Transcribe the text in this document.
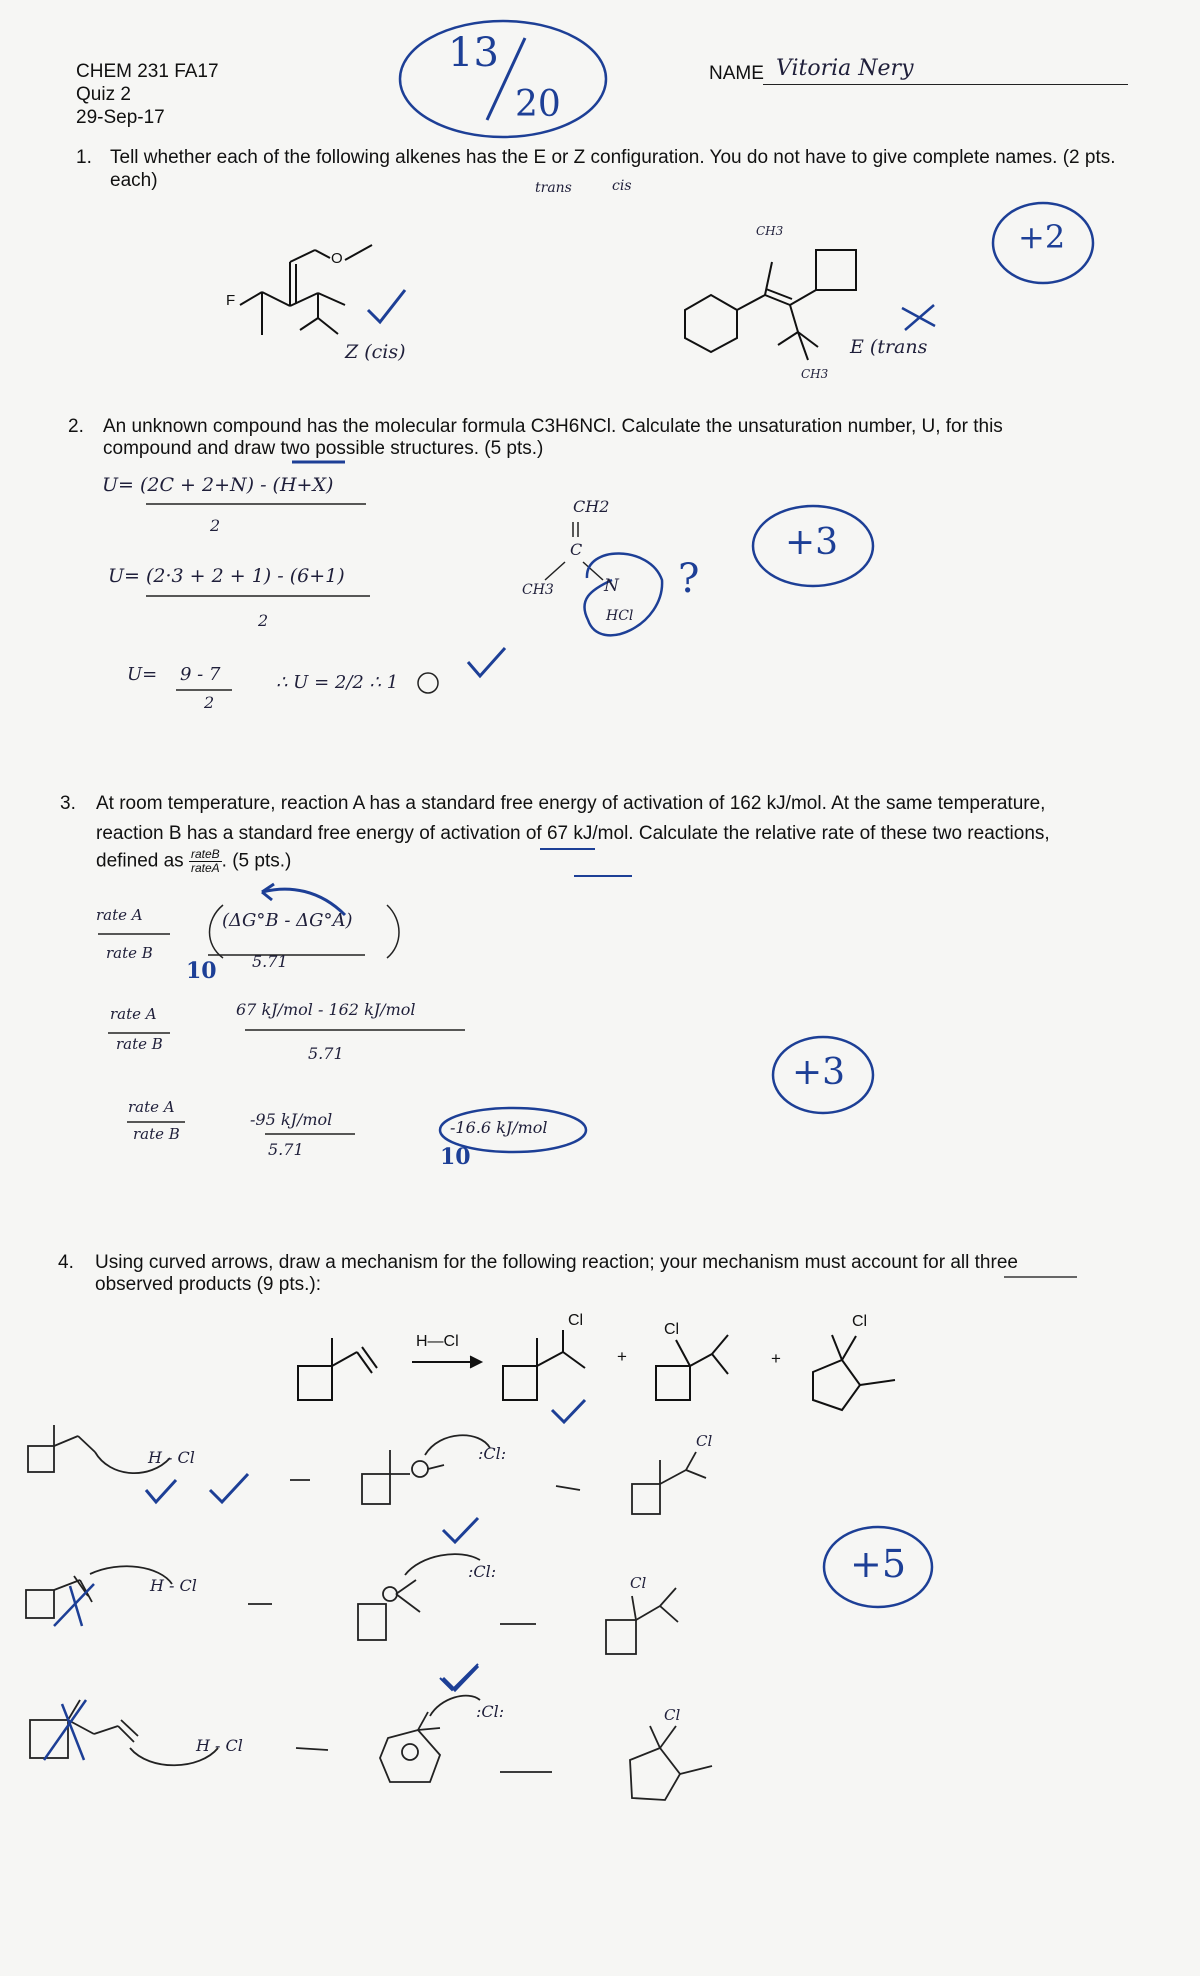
CHEM 231 FA17
Quiz 2
29-Sep-17
NAME Vitoria Nery
13
20
1. Tell whether each of the following alkenes has the E or Z configuration. You do not have to give complete names. (2 pts. each)	trans	cis
F
O
Z (cis)
CH3
CH3
E (trans
+2
2. An unknown compound has the molecular formula C3H6NCl. Calculate the unsaturation number, U, for this
compound and draw two possible structures. (5 pts.)
U= (2C + 2+N) - (H+X)
2
U= (2·3 + 2 + 1) - (6+1)
2
U= 9 - 7
2
∴ U = 2/2 ∴ 1
CH2
C
CH3	N
HCl
?
+3
3. At room temperature, reaction A has a standard free energy of activation of 162 kJ/mol. At the same temperature,
reaction B has a standard free energy of activation of 67 kJ/mol. Calculate the relative rate of these two reactions,
defined as $\frac{\text{rateB}}{\text{rateA}}$. (5 pts.)
rate A
rate B
(ΔG°B - ΔG°A)
10 5.71
rate A
rate B
67 kJ/mol - 162 kJ/mol
5.71
rate A
rate B
-95 kJ/mol
5.71
-16.6 kJ/mol
10
+3
4. Using curved arrows, draw a mechanism for the following reaction; your mechanism must account for all three
observed products (9 pts.):
H—Cl
Cl
Cl	Cl
+	+
H - Cl	:Cl:
Cl
H - Cl
:Cl:
Cl
H - Cl
:Cl:	Cl
+5
